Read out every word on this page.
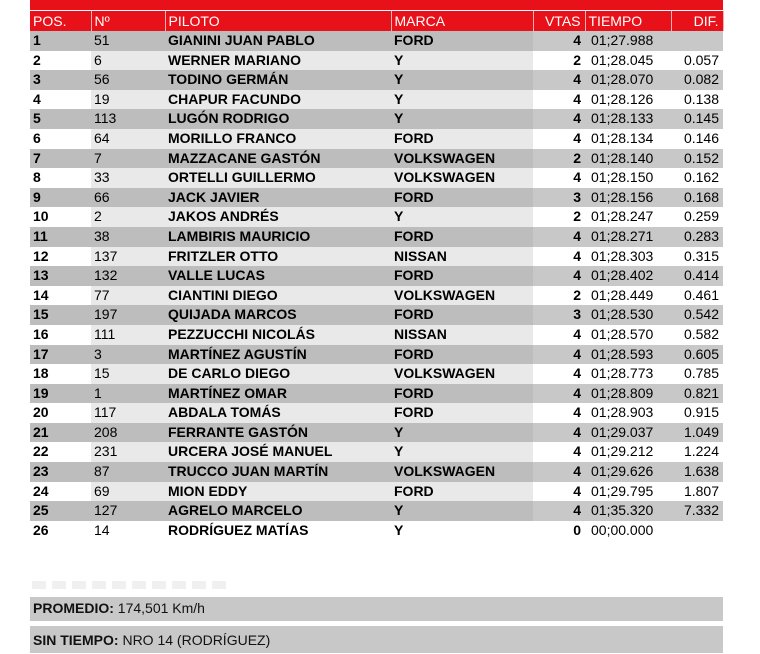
POS.	Nº	PILOTO	MARCA	VTAS	TIEMPO	DIF.
1	51	GIANINI JUAN PABLO	FORD	4	01;27.988	
2	6	WERNER MARIANO	Y	2	01;28.045	0.057
3	56	TODINO GERMÁN	Y	4	01;28.070	0.082
4	19	CHAPUR FACUNDO	Y	4	01;28.126	0.138
5	113	LUGÓN RODRIGO	Y	4	01;28.133	0.145
6	64	MORILLO FRANCO	FORD	4	01;28.134	0.146
7	7	MAZZACANE GASTÓN	VOLKSWAGEN	2	01;28.140	0.152
8	33	ORTELLI GUILLERMO	VOLKSWAGEN	4	01;28.150	0.162
9	66	JACK JAVIER	FORD	3	01;28.156	0.168
10	2	JAKOS ANDRÉS	Y	2	01;28.247	0.259
11	38	LAMBIRIS MAURICIO	FORD	4	01;28.271	0.283
12	137	FRITZLER OTTO	NISSAN	4	01;28.303	0.315
13	132	VALLE LUCAS	FORD	4	01;28.402	0.414
14	77	CIANTINI DIEGO	VOLKSWAGEN	2	01;28.449	0.461
15	197	QUIJADA MARCOS	FORD	3	01;28.530	0.542
16	111	PEZZUCCHI NICOLÁS	NISSAN	4	01;28.570	0.582
17	3	MARTÍNEZ AGUSTÍN	FORD	4	01;28.593	0.605
18	15	DE CARLO DIEGO	VOLKSWAGEN	4	01;28.773	0.785
19	1	MARTÍNEZ OMAR	FORD	4	01;28.809	0.821
20	117	ABDALA TOMÁS	FORD	4	01;28.903	0.915
21	208	FERRANTE GASTÓN	Y	4	01;29.037	1.049
22	231	URCERA JOSÉ MANUEL	Y	4	01;29.212	1.224
23	87	TRUCCO JUAN MARTÍN	VOLKSWAGEN	4	01;29.626	1.638
24	69	MION EDDY	FORD	4	01;29.795	1.807
25	127	AGRELO MARCELO	Y	4	01;35.320	7.332
26	14	RODRÍGUEZ MATÍAS	Y	0	00;00.000	
PROMEDIO: 174,501 Km/h
SIN TIEMPO: NRO 14 (RODRÍGUEZ)
